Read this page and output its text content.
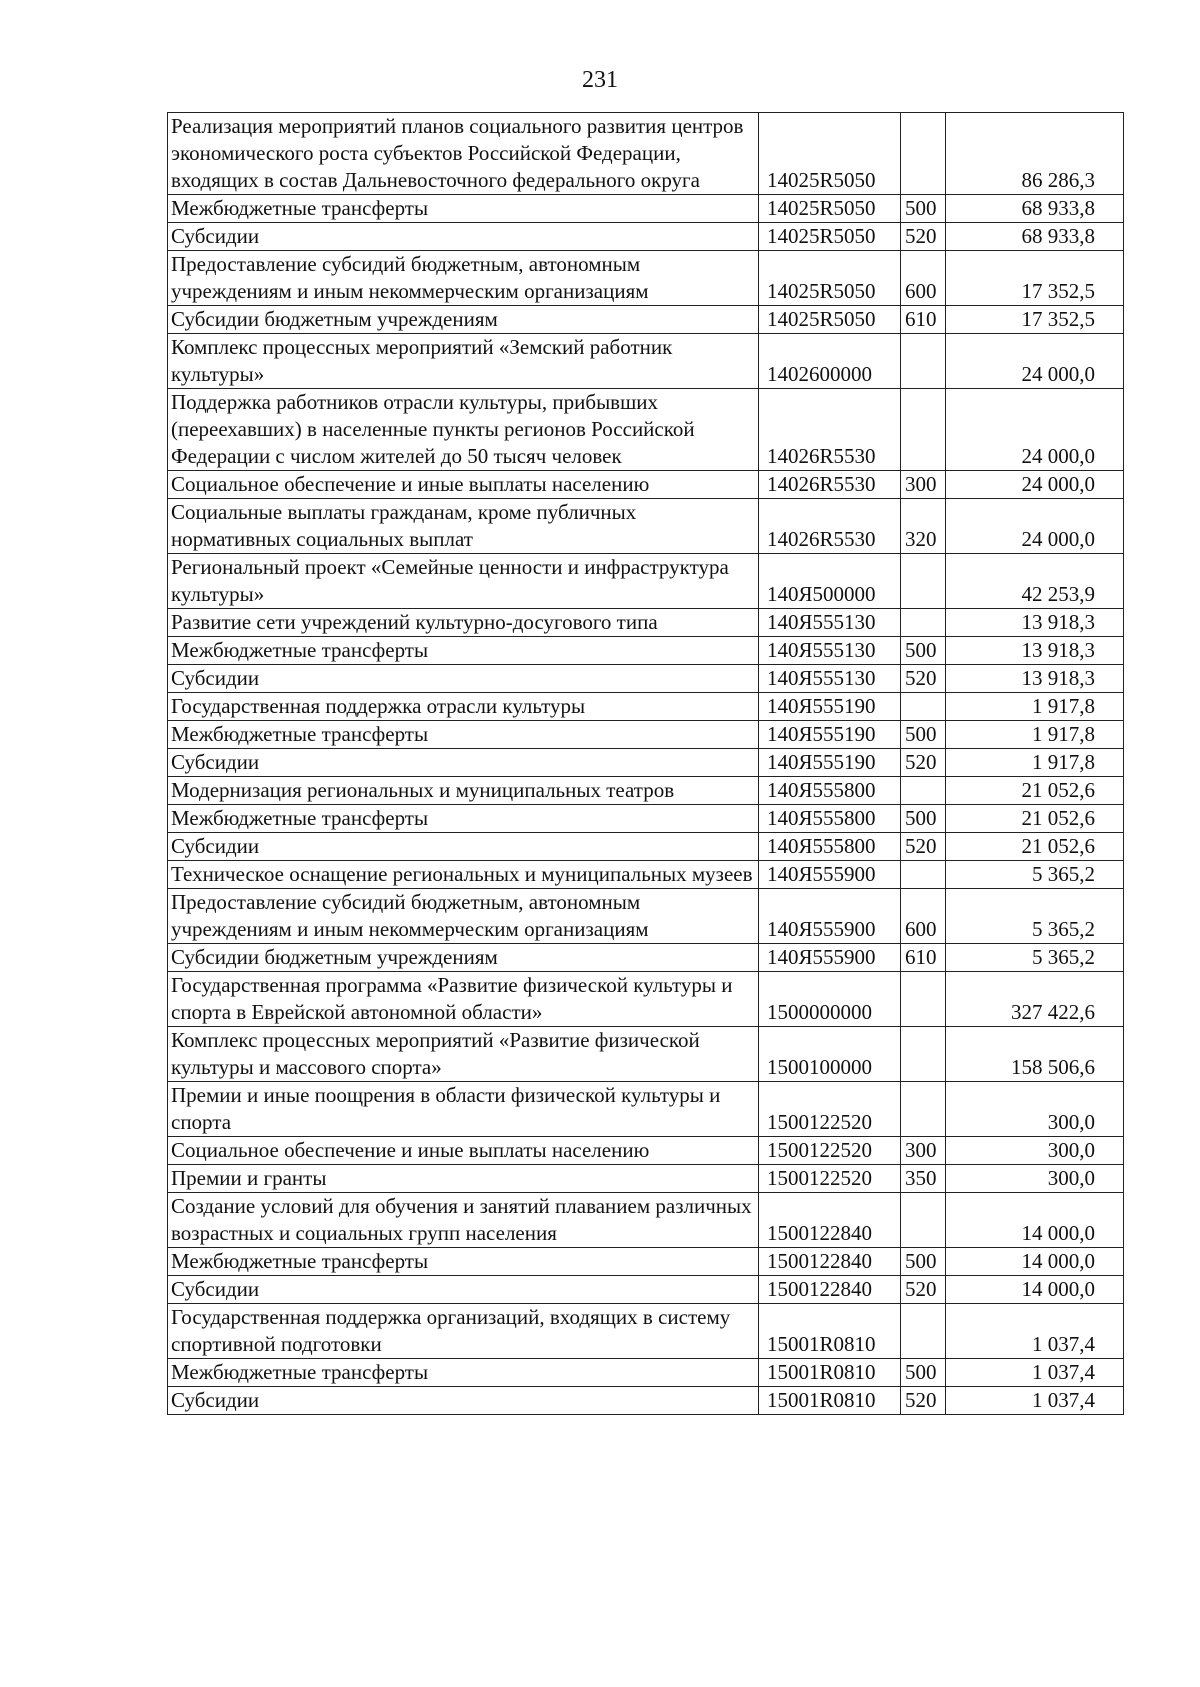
231
Реализация мероприятий планов социального развития центров экономического роста субъектов Российской Федерации, входящих в состав Дальневосточного федерального округа	14025R5050		86 286,3
Межбюджетные трансферты	14025R5050	500	68 933,8
Субсидии	14025R5050	520	68 933,8
Предоставление субсидий бюджетным, автономным учреждениям и иным некоммерческим организациям	14025R5050	600	17 352,5
Субсидии бюджетным учреждениям	14025R5050	610	17 352,5
Комплекс процессных мероприятий «Земский работник культуры»	1402600000		24 000,0
Поддержка работников отрасли культуры, прибывших (переехавших) в населенные пункты регионов Российской Федерации с числом жителей до 50 тысяч человек	14026R5530		24 000,0
Социальное обеспечение и иные выплаты населению	14026R5530	300	24 000,0
Социальные выплаты гражданам, кроме публичных нормативных социальных выплат	14026R5530	320	24 000,0
Региональный проект «Семейные ценности и инфраструктура культуры»	140Я500000		42 253,9
Развитие сети учреждений культурно-досугового типа	140Я555130		13 918,3
Межбюджетные трансферты	140Я555130	500	13 918,3
Субсидии	140Я555130	520	13 918,3
Государственная поддержка отрасли культуры	140Я555190		1 917,8
Межбюджетные трансферты	140Я555190	500	1 917,8
Субсидии	140Я555190	520	1 917,8
Модернизация региональных и муниципальных театров	140Я555800		21 052,6
Межбюджетные трансферты	140Я555800	500	21 052,6
Субсидии	140Я555800	520	21 052,6
Техническое оснащение региональных и муниципальных музеев	140Я555900		5 365,2
Предоставление субсидий бюджетным, автономным учреждениям и иным некоммерческим организациям	140Я555900	600	5 365,2
Субсидии бюджетным учреждениям	140Я555900	610	5 365,2
Государственная программа «Развитие физической культуры и спорта в Еврейской автономной области»	1500000000		327 422,6
Комплекс процессных мероприятий «Развитие физической культуры и массового спорта»	1500100000		158 506,6
Премии и иные поощрения в области физической культуры и спорта	1500122520		300,0
Социальное обеспечение и иные выплаты населению	1500122520	300	300,0
Премии и гранты	1500122520	350	300,0
Создание условий для обучения и занятий плаванием различных возрастных и социальных групп населения	1500122840		14 000,0
Межбюджетные трансферты	1500122840	500	14 000,0
Субсидии	1500122840	520	14 000,0
Государственная поддержка организаций, входящих в систему спортивной подготовки	15001R0810		1 037,4
Межбюджетные трансферты	15001R0810	500	1 037,4
Субсидии	15001R0810	520	1 037,4
